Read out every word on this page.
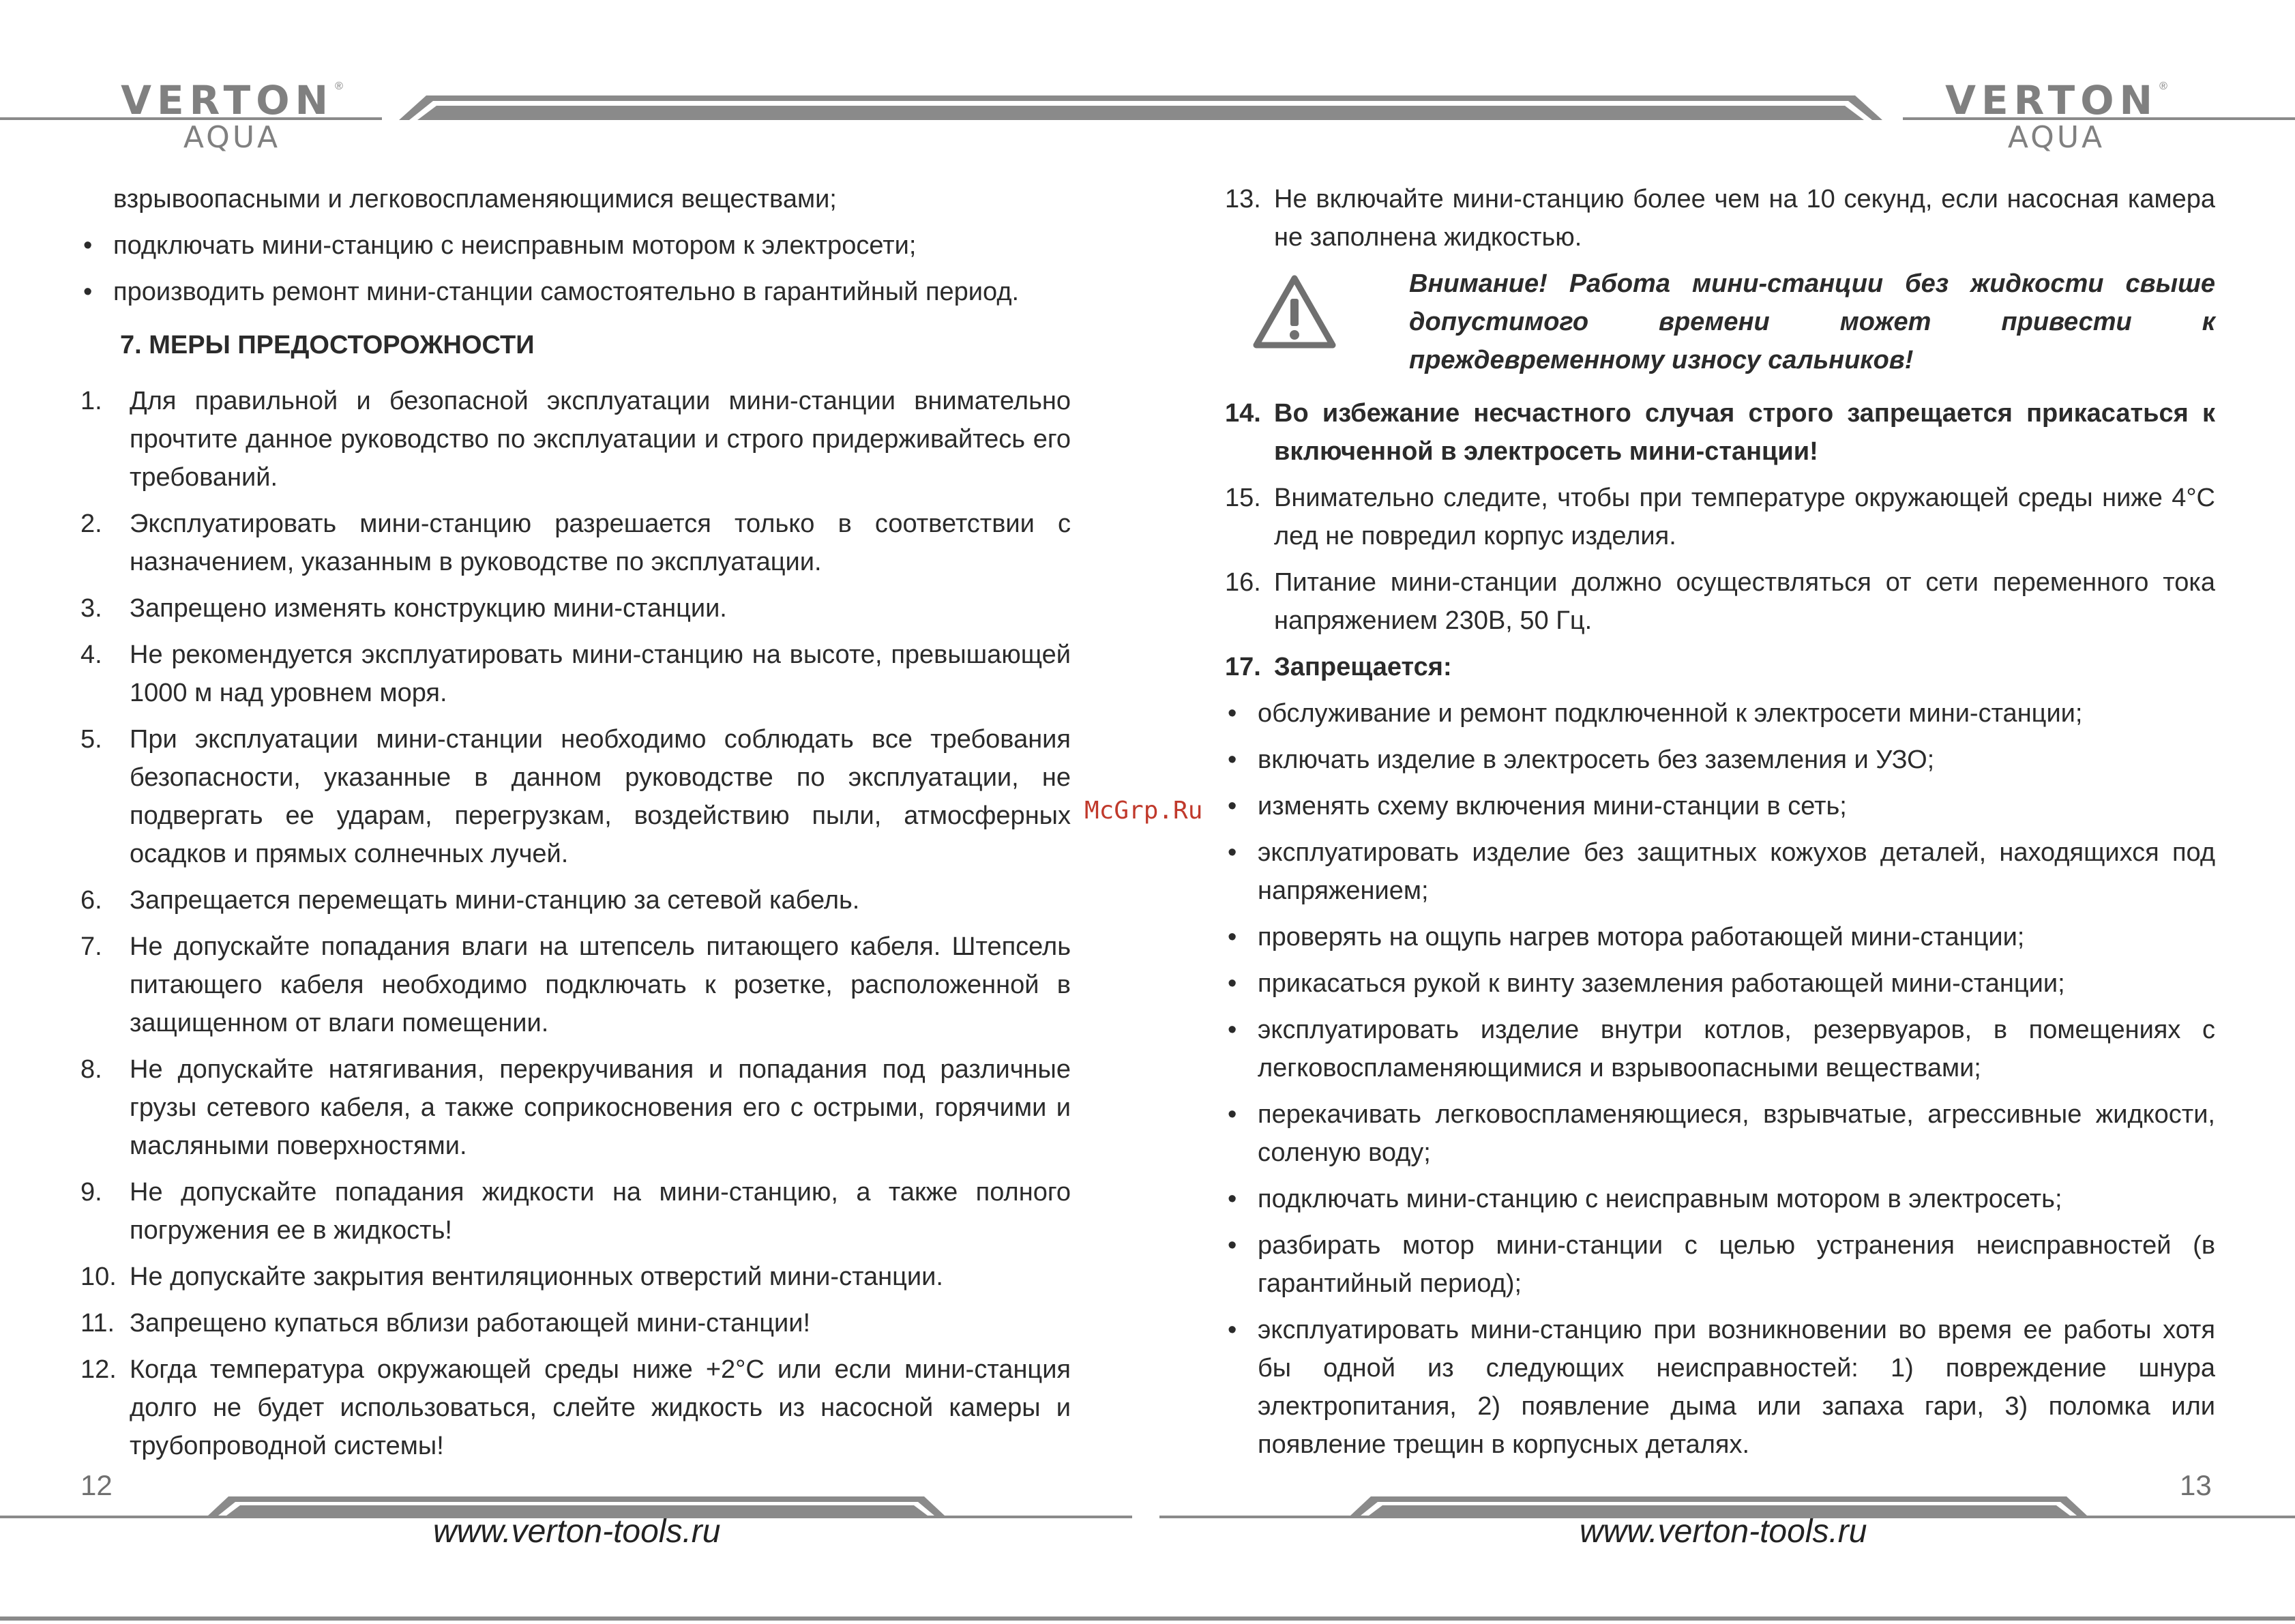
VERTON ®
AQUA
VERTON ®
AQUA
взрывоопасными и легковоспламеняющимися веществами;
• подключать мини-станцию с неисправным мотором к электросети;
• производить ремонт мини-станции самостоятельно в гарантийный период.
7. МЕРЫ ПРЕДОСТОРОЖНОСТИ
1.	Для правильной и безопасной эксплуатации мини-станции внимательно прочтите данное руководство по эксплуатации и строго придерживайтесь его требований.
2.	Эксплуатировать мини-станцию разрешается только в соответствии с назначением, указанным в руководстве по эксплуатации.
3.	Запрещено изменять конструкцию мини-станции.
4.	Не рекомендуется эксплуатировать мини-станцию на высоте, превышающей 1000 м над уровнем моря.
5.	При эксплуатации мини-станции необходимо соблюдать все требования безопасности, указанные в данном руководстве по эксплуатации, не подвергать ее ударам, перегрузкам, воздействию пыли, атмосферных осадков и прямых солнечных лучей.
6.	Запрещается перемещать мини-станцию за сетевой кабель.
7.	Не допускайте попадания влаги на штепсель питающего кабеля. Штепсель питающего кабеля необходимо подключать к розетке, расположенной в защищенном от влаги помещении.
8.	Не допускайте натягивания, перекручивания и попадания под различные грузы сетевого кабеля, а также соприкосновения его с острыми, горячими и масляными поверхностями.
9.	Не допускайте попадания жидкости на мини-станцию, а также полного погружения ее в жидкость!
10. Не допускайте закрытия вентиляционных отверстий мини-станции.
11. Запрещено купаться вблизи работающей мини-станции!
12. Когда температура окружающей среды ниже +2°С или если мини-станция долго не будет использоваться, слейте жидкость из насосной камеры и трубопроводной системы!
12
www.verton-tools.ru
McGrp.Ru
13. Не включайте мини-станцию более чем на 10 секунд, если насосная камера не заполнена жидкостью.
Внимание! Работа мини-станции без жидкости свыше допустимого времени может привести к преждевременному износу сальников!
14. Во избежание несчастного случая строго запрещается прикасаться к включенной в электросеть мини-станции!
15. Внимательно следите, чтобы при температуре окружающей среды ниже 4°С лед не повредил корпус изделия.
16. Питание мини-станции должно осуществляться от сети переменного тока напряжением 230В, 50 Гц.
17. Запрещается:
• обслуживание и ремонт подключенной к электросети мини-станции;
• включать изделие в электросеть без заземления и УЗО;
• изменять схему включения мини-станции в сеть;
• эксплуатировать изделие без защитных кожухов деталей, находящихся под напряжением;
• проверять на ощупь нагрев мотора работающей мини-станции;
• прикасаться рукой к винту заземления работающей мини-станции;
• эксплуатировать изделие внутри котлов, резервуаров, в помещениях с легковоспламеняющимися и взрывоопасными веществами;
• перекачивать легковоспламеняющиеся, взрывчатые, агрессивные жидкости, соленую воду;
• подключать мини-станцию с неисправным мотором в электросеть;
• разбирать мотор мини-станции с целью устранения неисправностей (в гарантийный период);
• эксплуатировать мини-станцию при возникновении во время ее работы хотя бы одной из следующих неисправностей: 1) повреждение шнура электропитания, 2) появление дыма или запаха гари, 3) поломка или появление трещин в корпусных деталях.
13
www.verton-tools.ru
